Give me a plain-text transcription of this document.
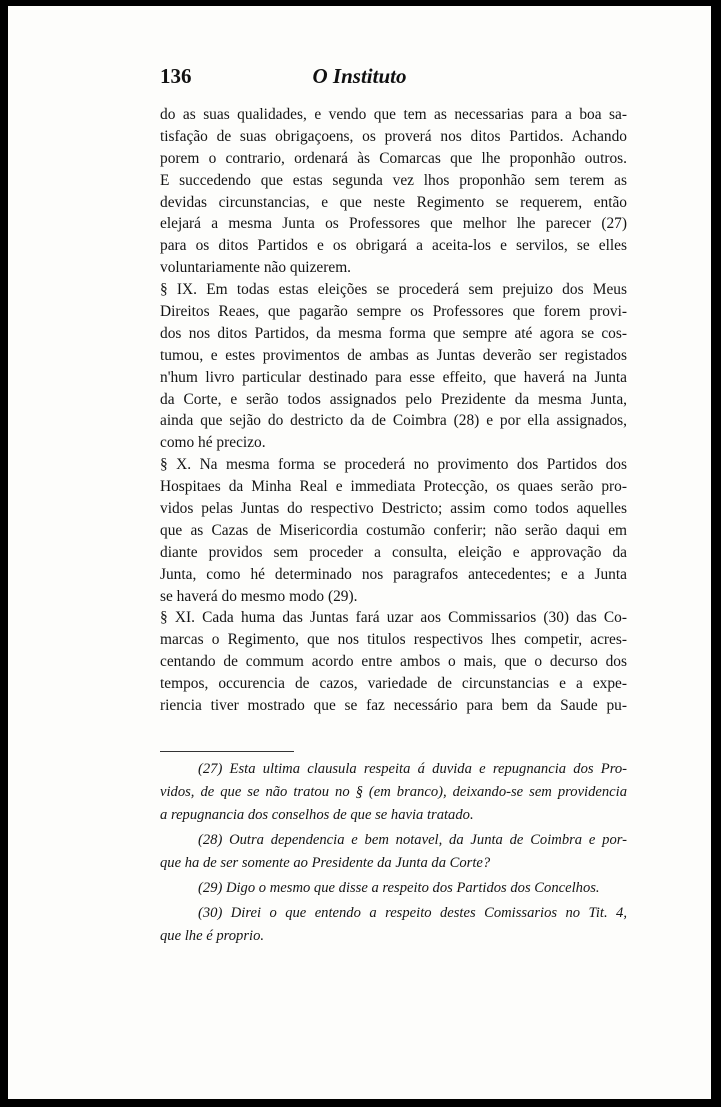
136	O Instituto
do as suas qualidades, e vendo que tem as necessarias para a boa sa-
tisfação de suas obrigaçoens, os proverá nos ditos Partidos. Achando
porem o contrario, ordenará às Comarcas que lhe proponhão outros.
E succedendo que estas segunda vez lhos proponhão sem terem as
devidas circunstancias, e que neste Regimento se requerem, então
elejará a mesma Junta os Professores que melhor lhe parecer (27)
para os ditos Partidos e os obrigará a aceita-los e servilos, se elles
voluntariamente não quizerem.
§ IX. Em todas estas eleições se procederá sem prejuizo dos Meus
Direitos Reaes, que pagarão sempre os Professores que forem provi-
dos nos ditos Partidos, da mesma forma que sempre até agora se cos-
tumou, e estes provimentos de ambas as Juntas deverão ser registados
n'hum livro particular destinado para esse effeito, que haverá na Junta
da Corte, e serão todos assignados pelo Prezidente da mesma Junta,
ainda que sejão do destricto da de Coimbra (28) e por ella assignados,
como hé precizo.
§ X. Na mesma forma se procederá no provimento dos Partidos dos
Hospitaes da Minha Real e immediata Protecção, os quaes serão pro-
vidos pelas Juntas do respectivo Destricto; assim como todos aquelles
que as Cazas de Misericordia costumão conferir; não serão daqui em
diante providos sem proceder a consulta, eleição e approvação da
Junta, como hé determinado nos paragrafos antecedentes; e a Junta
se haverá do mesmo modo (29).
§ XI. Cada huma das Juntas fará uzar aos Commissarios (30) das Co-
marcas o Regimento, que nos titulos respectivos lhes competir, acres-
centando de commum acordo entre ambos o mais, que o decurso dos
tempos, occurencia de cazos, variedade de circunstancias e a expe-
riencia tiver mostrado que se faz necessário para bem da Saude pu-
(27) Esta ultima clausula respeita á duvida e repugnancia dos Pro-
vidos, de que se não tratou no § (em branco), deixando-se sem providencia
a repugnancia dos conselhos de que se havia tratado.
(28) Outra dependencia e bem notavel, da Junta de Coimbra e por-
que ha de ser somente ao Presidente da Junta da Corte?
(29) Digo o mesmo que disse a respeito dos Partidos dos Concelhos.
(30) Direi o que entendo a respeito destes Comissarios no Tit. 4,
que lhe é proprio.
